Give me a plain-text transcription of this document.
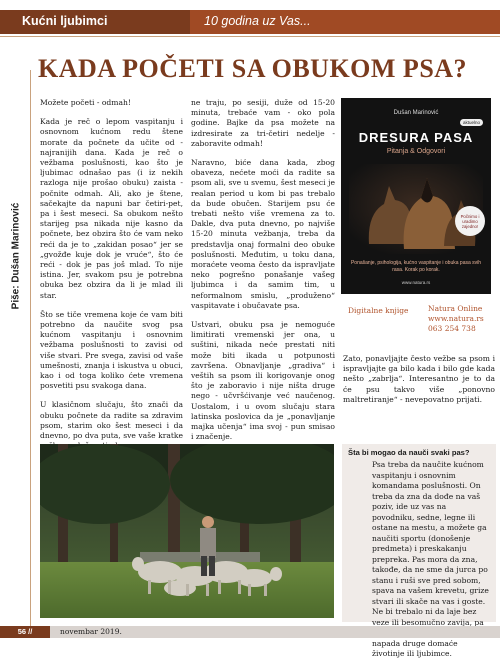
Kućni ljubimci	10 godina uz Vas...
Piše: Dušan Marinović
KADA POČETI SA OBUKOM PSA?

Možete početi - odmah!

Kada je reč o lepom vaspitanju i osnovnom kućnom redu štene morate da počnete da učite od - najranijih dana. Kada je reč o vežbama poslušnosti, kao što je ljubimac odnašao pas (i iz nekih razloga nije prošao obuku) zaista - počnite odmah. Ali, ako je štene, sačekajte da napuni bar četiri-pet, pa i šest meseci. Sa obukom nešto starijeg psa nikada nije kasno da počnete, bez obzira što će vam neko reći da je to „zakidan posao“ jer se „gvožđe kuje dok je vruće“, što će reći - dok je pas još mlad. To nije istina. Jer, svakom psu je potrebna obuka bez obzira da li je mlad ili star.

Što se tiče vremena koje će vam biti potrebno da naučite svog psa kućnom vaspitanju i osnovnim vežbama poslušnosti to zavisi od više stvari. Pre svega, zavisi od vaše umešnosti, znanja i iskustva u obuci, kao i od toga koliko ćete vremena posvetiti psu svakoga dana.

U klasičnom slučaju, što znači da obuku počnete da radite sa zdravim psom, starim oko šest meseci i da dnevno, po dva puta, sve vaše kratke

ne traju, po sesiji, duže od 15-20 minuta, trebaće vam - oko pola godine. Bajke da psa možete na izdresirate za tri-četiri nedelje - zaboravite odmah!

Naravno, biće dana kada, zbog obaveza, nećete moći da radite sa psom ali, sve u svemu, šest meseci je realan period u kom bi pas trebalo da bude obučen. Starijem psu će trebati nešto više vremena za to. Dakle, dva puta dnevno, po najviše 15-20 minuta vežbanja, treba da predstavlja onaj formalni deo obuke poslušnosti. Međutim, u toku dana, moraćete veoma često da ispravljate neko pogrešno ponašanje vašeg ljubimca i da samim tim, u neformalnom smislu, „produženo“ vaspitavate i obučavate psa.

Ustvari, obuku psa je nemoguće limitirati vremenski jer ona, u suštini, nikada neće prestati niti može biti ikada u potpunosti završena. Obnavljanje „gradiva“ i veštih sa psom ili korigovanje onog što je zaboravio i nije ništa druge nego - učvršćivanje već naučenog. Uostalom, i u ovom slučaju stara latinska poslovica da je „ponavljanje majka učenja“ ima svoj - pun smisao i značenje.

Dušan Marinović
aktuelno
DRESURA PASA
Pitanja & Odgovori
Počnimo i uradimo zajedno!
Ponašanje, psihologija, kućno vaspitanje i obuka pasa svih rasa. Korak po korak.
www.natura.rs
Digitalne knjige	Natura Online
www.natura.rs
063 254 738

Zato, ponavljajte često vežbe sa psom i ispravljajte ga bilo kada i bilo gde kada nešto „zabrlja“. Interesantno je to da će psu takvo više „ponovno maltretiranje“ - nevероvatno prijati.

Šta bi mogao da nauči svaki pas?
Psa treba da naučite kućnom vaspitanju i osnovnim komandama poslušnosti. On treba da zna da dođe na vaš poziv, ide uz vas na povodniku, sedne, legne ili ostane na mestu, a možete ga naučiti sportu (donošenje predmeta) i preskakanju prepreka. Pas mora da zna, takođe, da ne sme da jurca po stanu i ruši sve pred sobom, spava na vašem krevetu, grize stvari ili skače na vas i goste. Ne bi trebalo ni da laje bez veze ili besomučno zavija, pa napada druge domaće životinje ili ljubimce.
56 //	novembar 2019.
